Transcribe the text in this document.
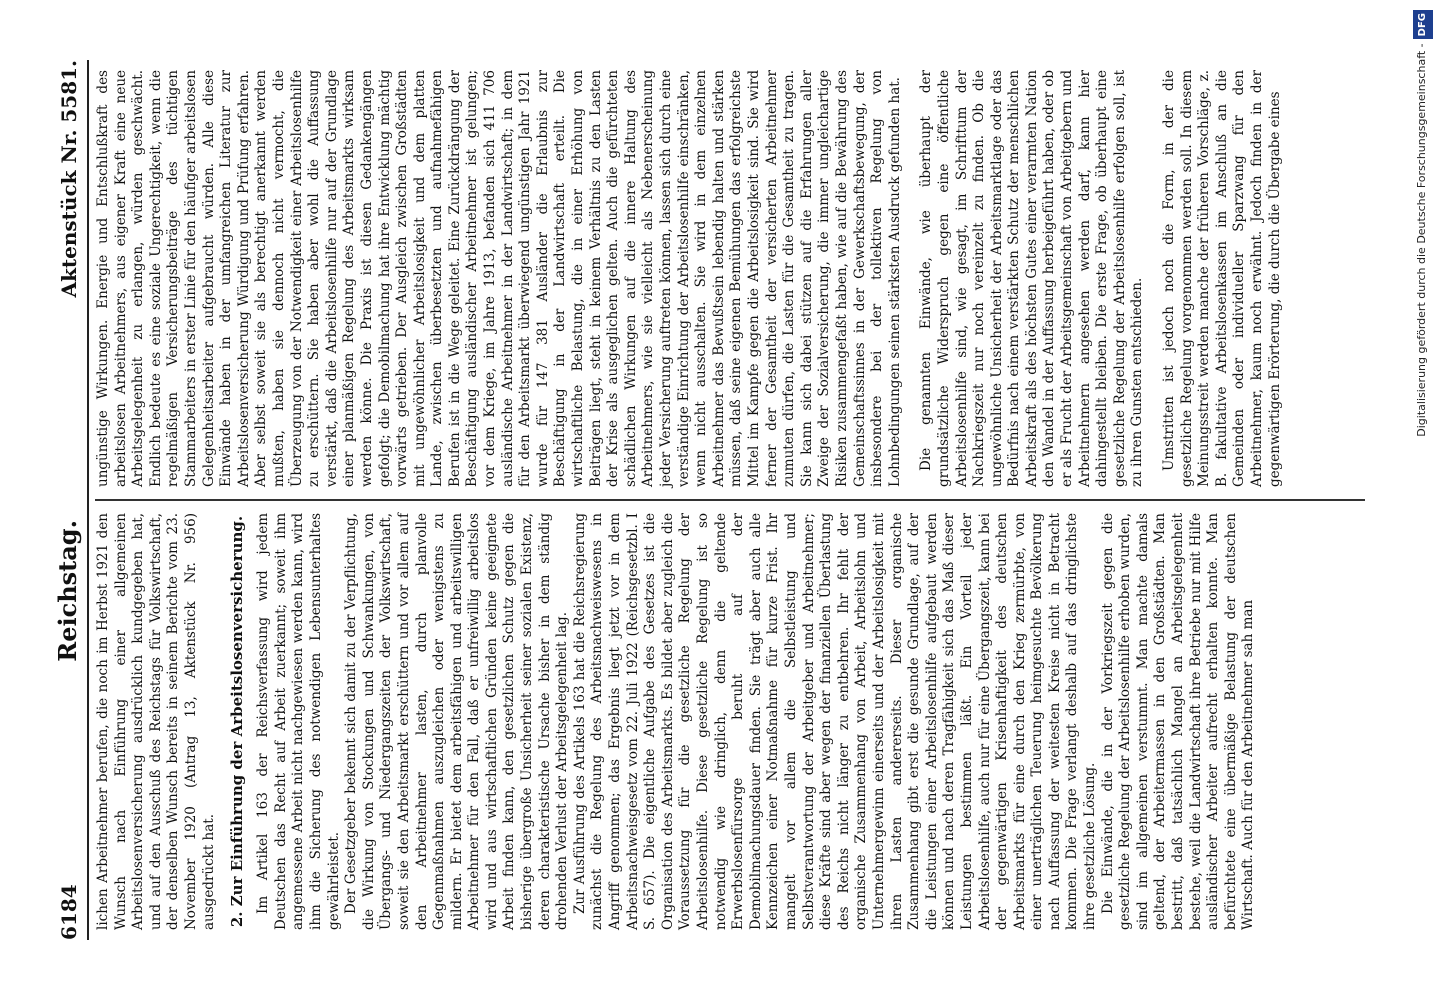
6184
Reichstag.
Aktenstück Nr. 5581.

lichen Arbeitnehmer berufen, die noch im Herbst 1921 den Wunsch nach Einführung einer allgemeinen Arbeitslosenversicherung ausdrücklich kundgegeben hat, und auf den Ausschuß des Reichstags für Volkswirtschaft, der denselben Wunsch bereits in seinem Berichte vom 23. November 1920 (Antrag 13, Aktenstück Nr. 956) ausgedrückt hat. 2. Zur Einführung der Arbeitslosenversicherung. Im Artikel 163 der Reichsverfassung wird jedem Deutschen das Recht auf Arbeit zuerkannt; soweit ihm angemessene Arbeit nicht nachgewiesen werden kann, wird ihm die Sicherung des notwendigen Lebensunterhaltes gewährleistet. Der Gesetzgeber bekennt sich damit zu der Verpflichtung, die Wirkung von Stockungen und Schwankungen, von Übergangs- und Niedergangszeiten der Volkswirtschaft, soweit sie den Arbeitsmarkt erschüttern und vor allem auf den Arbeitnehmer lasten, durch planvolle Gegenmaßnahmen auszugleichen oder wenigstens zu mildern. Er bietet dem arbeitsfähigen und arbeitswilligen Arbeitnehmer für den Fall, daß er unfreiwillig arbeitslos wird und aus wirtschaftlichen Gründen keine geeignete Arbeit finden kann, den gesetzlichen Schutz gegen die bisherige übergroße Unsicherheit seiner sozialen Existenz, deren charakteristische Ursache bisher in dem ständig drohenden Verlust der Arbeitsgelegenheit lag. Zur Ausführung des Artikels 163 hat die Reichsregierung zunächst die Regelung des Arbeitsnachweiswesens in Angriff genommen; das Ergebnis liegt jetzt vor in dem Arbeitsnachweisgesetz vom 22. Juli 1922 (Reichsgesetzbl. I S. 657). Die eigentliche Aufgabe des Gesetzes ist die Organisation des Arbeitsmarkts. Es bildet aber zugleich die Voraussetzung für die gesetzliche Regelung der Arbeitslosenhilfe. Diese gesetzliche Regelung ist so notwendig wie dringlich, denn die geltende Erwerbslosenfürsorge beruht auf der Demobilmachungsdauer finden. Sie trägt aber auch alle Kennzeichen einer Notmaßnahme für kurze Frist. Ihr mangelt vor allem die Selbstleistung und Selbstverantwortung der Arbeitgeber und Arbeitnehmer; diese Kräfte sind aber wegen der finanziellen Überlastung des Reichs nicht länger zu entbehren. Ihr fehlt der organische Zusammenhang von Arbeit, Arbeitslohn und Unternehmergewinn einerseits und der Arbeitslosigkeit mit ihren Lasten andererseits. Dieser organische Zusammenhang gibt erst die gesunde Grundlage, auf der die Leistungen einer Arbeitslosenhilfe aufgebaut werden können und nach deren Tragfähigkeit sich das Maß dieser Leistungen bestimmen läßt. Ein Vorteil jeder Arbeitslosenhilfe, auch nur für eine Übergangszeit, kann bei der gegenwärtigen Krisenhaftigkeit des deutschen Arbeitsmarkts für eine durch den Krieg zermürbte, von einer unerträglichen Teuerung heimgesuchte Bevölkerung nach Auffassung der weitesten Kreise nicht in Betracht kommen. Die Frage verlangt deshalb auf das dringlichste ihre gesetzliche Lösung. Die Einwände, die in der Vorkriegszeit gegen die gesetzliche Regelung der Arbeitslosenhilfe erhoben wurden, sind im allgemeinen verstummt. Man machte damals geltend, der Arbeitermassen in den Großstädten. Man bestritt, daß tatsächlich Mangel an Arbeitsgelegenheit bestehe, weil die Landwirtschaft ihre Betriebe nur mit Hilfe ausländischer Arbeiter aufrecht erhalten konnte. Man befürchtete eine übermäßige Belastung der deutschen Wirtschaft. Auch für den Arbeitnehmer sah man

ungünstige Wirkungen. Energie und Entschlußkraft des arbeitslosen Arbeitnehmers, aus eigener Kraft eine neue Arbeitsgelegenheit zu erlangen, würden geschwächt. Endlich bedeute es eine soziale Ungerechtigkeit, wenn die regelmäßigen Versicherungsbeiträge des tüchtigen Stammarbeiters in erster Linie für den häufiger arbeitslosen Gelegenheitsarbeiter aufgebraucht würden. Alle diese Einwände haben in der umfangreichen Literatur zur Arbeitslosenversicherung Würdigung und Prüfung erfahren. Aber selbst soweit sie als berechtigt anerkannt werden mußten, haben sie dennoch nicht vermocht, die Überzeugung von der Notwendigkeit einer Arbeitslosenhilfe zu erschüttern. Sie haben aber wohl die Auffassung verstärkt, daß die Arbeitslosenhilfe nur auf der Grundlage einer planmäßigen Regelung des Arbeitsmarkts wirksam werden könne. Die Praxis ist diesen Gedankengängen gefolgt; die Demobilmachung hat ihre Entwicklung mächtig vorwärts getrieben. Der Ausgleich zwischen Großstädten mit ungewöhnlicher Arbeitslosigkeit und dem platten Lande, zwischen überbesetzten und aufnahmefähigen Berufen ist in die Wege geleitet. Eine Zurückdrängung der Beschäftigung ausländischer Arbeitnehmer ist gelungen; vor dem Kriege, im Jahre 1913, befanden sich 411 706 ausländische Arbeitnehmer in der Landwirtschaft; in dem für den Arbeitsmarkt überwiegend ungünstigen Jahr 1921 wurde für 147 381 Ausländer die Erlaubnis zur Beschäftigung in der Landwirtschaft erteilt. Die wirtschaftliche Belastung, die in einer Erhöhung von Beiträgen liegt, steht in keinem Verhältnis zu den Lasten der Krise als ausgeglichen gelten. Auch die gefürchteten schädlichen Wirkungen auf die innere Haltung des Arbeitnehmers, wie sie vielleicht als Nebenerscheinung jeder Versicherung auftreten können, lassen sich durch eine verständige Einrichtung der Arbeitslosenhilfe einschränken, wenn nicht ausschalten. Sie wird in dem einzelnen Arbeitnehmer das Bewußtsein lebendig halten und stärken müssen, daß seine eigenen Bemühungen das erfolgreichste Mittel im Kampfe gegen die Arbeitslosigkeit sind. Sie wird ferner der Gesamtheit der versicherten Arbeitnehmer zumuten dürfen, die Lasten für die Gesamtheit zu tragen. Sie kann sich dabei stützen auf die Erfahrungen aller Zweige der Sozialversicherung, die immer ungleichartige Risiken zusammengefaßt haben, wie auf die Bewährung des Gemeinschaftssinnes in der Gewerkschaftsbewegung, der insbesondere bei der tollektiven Regelung von Lohnbedingungen seinen stärksten Ausdruck gefunden hat. Die genannten Einwände, wie überhaupt der grundsätzliche Widerspruch gegen eine öffentliche Arbeitslosenhilfe sind, wie gesagt, im Schrifttum der Nachkriegszeit nur noch vereinzelt zu finden. Ob die ungewöhnliche Unsicherheit der Arbeitsmarktlage oder das Bedürfnis nach einem verstärkten Schutz der menschlichen Arbeitskraft als des höchsten Gutes einer verarmten Nation den Wandel in der Auffassung herbeigeführt haben, oder ob er als Frucht der Arbeitsgemeinschaft von Arbeitgebern und Arbeitnehmern angesehen werden darf, kann hier dahingestellt bleiben. Die erste Frage, ob überhaupt eine gesetzliche Regelung der Arbeitslosenhilfe erfolgen soll, ist zu ihren Gunsten entschieden. Umstritten ist jedoch noch die Form, in der die gesetzliche Regelung vorgenommen werden soll. In diesem Meinungsstreit werden manche der früheren Vorschläge, z. B. fakultative Arbeitslosenkassen im Anschluß an die Gemeinden oder individueller Sparzwang für den Arbeitnehmer, kaum noch erwähnt. Jedoch finden in der gegenwärtigen Erörterung, die durch die Übergabe eines	Digitalisierung gefördert durch die Deutsche Forschungsgemeinschaft -DFG
